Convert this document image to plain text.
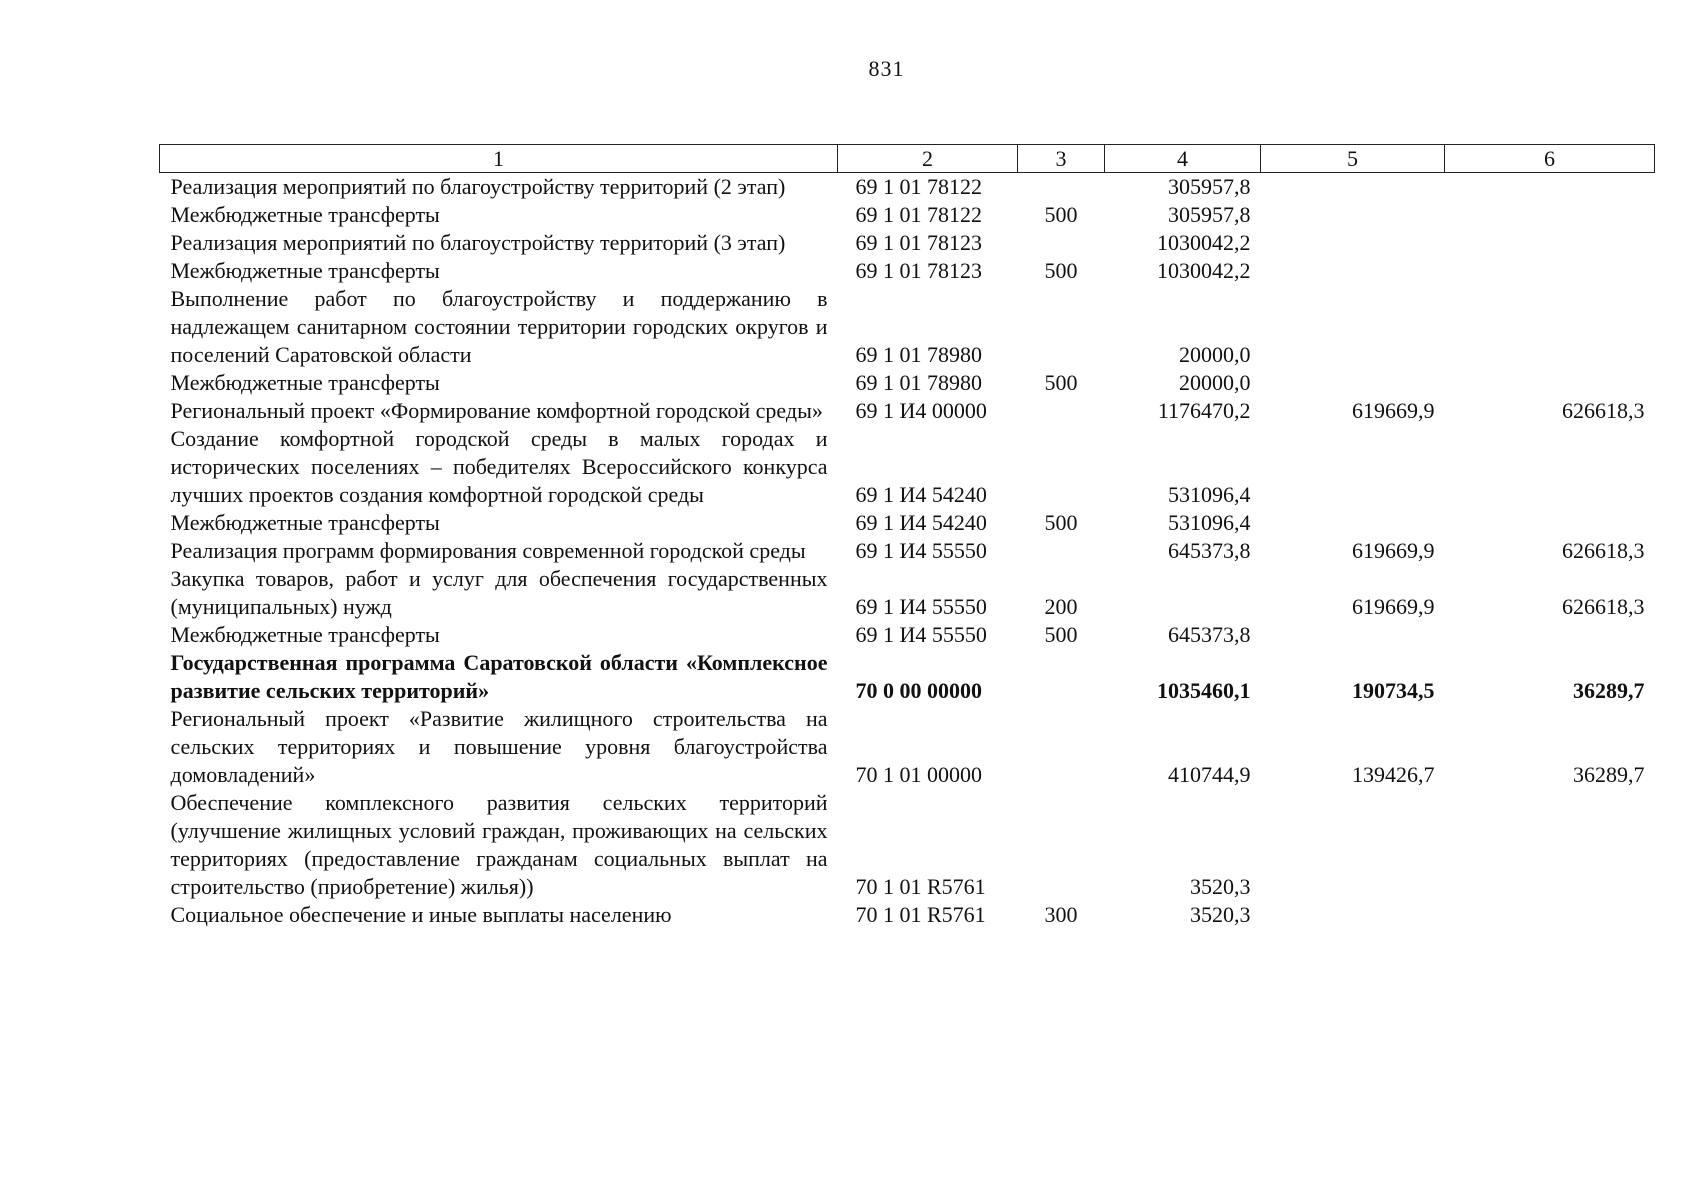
831
1	2	3	4	5	6
Реализация мероприятий по благоустройству территорий (2 этап)	69 1 01 78122		305957,8		
Межбюджетные трансферты	69 1 01 78122	500	305957,8		
Реализация мероприятий по благоустройству территорий (3 этап)	69 1 01 78123		1030042,2		
Межбюджетные трансферты	69 1 01 78123	500	1030042,2		
Выполнение работ по благоустройству и поддержанию в надлежащем санитарном состоянии территории городских округов и поселений Саратовской области	69 1 01 78980		20000,0		
Межбюджетные трансферты	69 1 01 78980	500	20000,0		
Региональный проект «Формирование комфортной городской среды»	69 1 И4 00000		1176470,2	619669,9	626618,3
Создание комфортной городской среды в малых городах и исторических поселениях – победителях Всероссийского конкурса лучших проектов создания комфортной городской среды	69 1 И4 54240		531096,4		
Межбюджетные трансферты	69 1 И4 54240	500	531096,4		
Реализация программ формирования современной городской среды	69 1 И4 55550		645373,8	619669,9	626618,3
Закупка товаров, работ и услуг для обеспечения государственных (муниципальных) нужд	69 1 И4 55550	200		619669,9	626618,3
Межбюджетные трансферты	69 1 И4 55550	500	645373,8		
Государственная программа Саратовской области «Комплексное развитие сельских территорий»	70 0 00 00000		1035460,1	190734,5	36289,7
Региональный проект «Развитие жилищного строительства на сельских территориях и повышение уровня благоустройства домовладений»	70 1 01 00000		410744,9	139426,7	36289,7
Обеспечение комплексного развития сельских территорий (улучшение жилищных условий граждан, проживающих на сельских территориях (предоставление гражданам социальных выплат на строительство (приобретение) жилья))	70 1 01 R5761		3520,3		
Социальное обеспечение и иные выплаты населению	70 1 01 R5761	300	3520,3		
